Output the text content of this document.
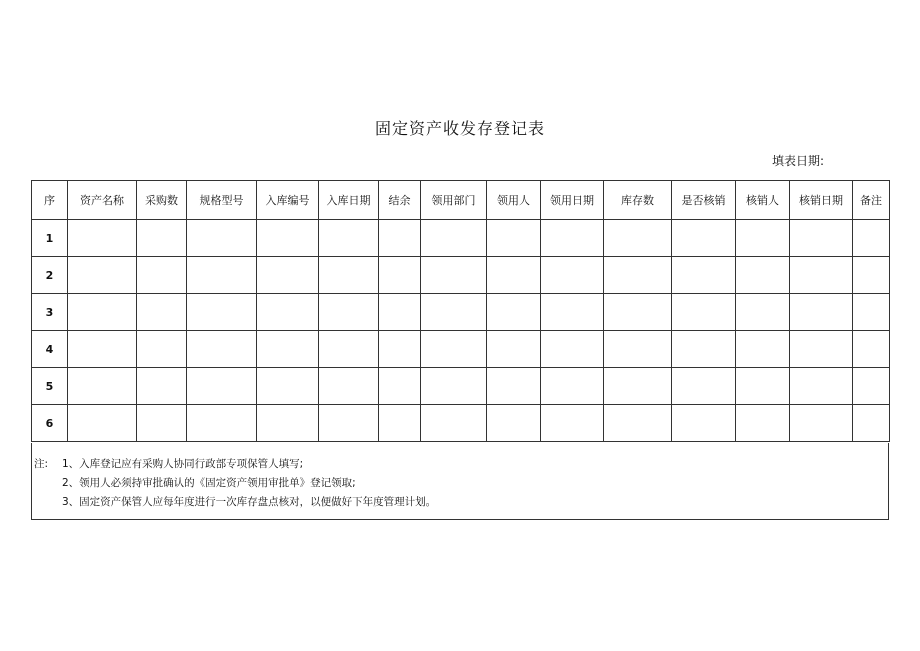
固定资产收发存登记表
填表日期:
序	资产名称	采购数	规格型号	入库编号	入库日期	结余	领用部门	领用人	领用日期	库存数	是否核销	核销人	核销日期	备注
1														
2														
3														
4														
5														
6														
注: 1、入库登记应有采购人协同行政部专项保管人填写;
2、领用人必须持审批确认的《固定资产领用审批单》登记领取;
3、固定资产保管人应每年度进行一次库存盘点核对，以便做好下年度管理计划。
